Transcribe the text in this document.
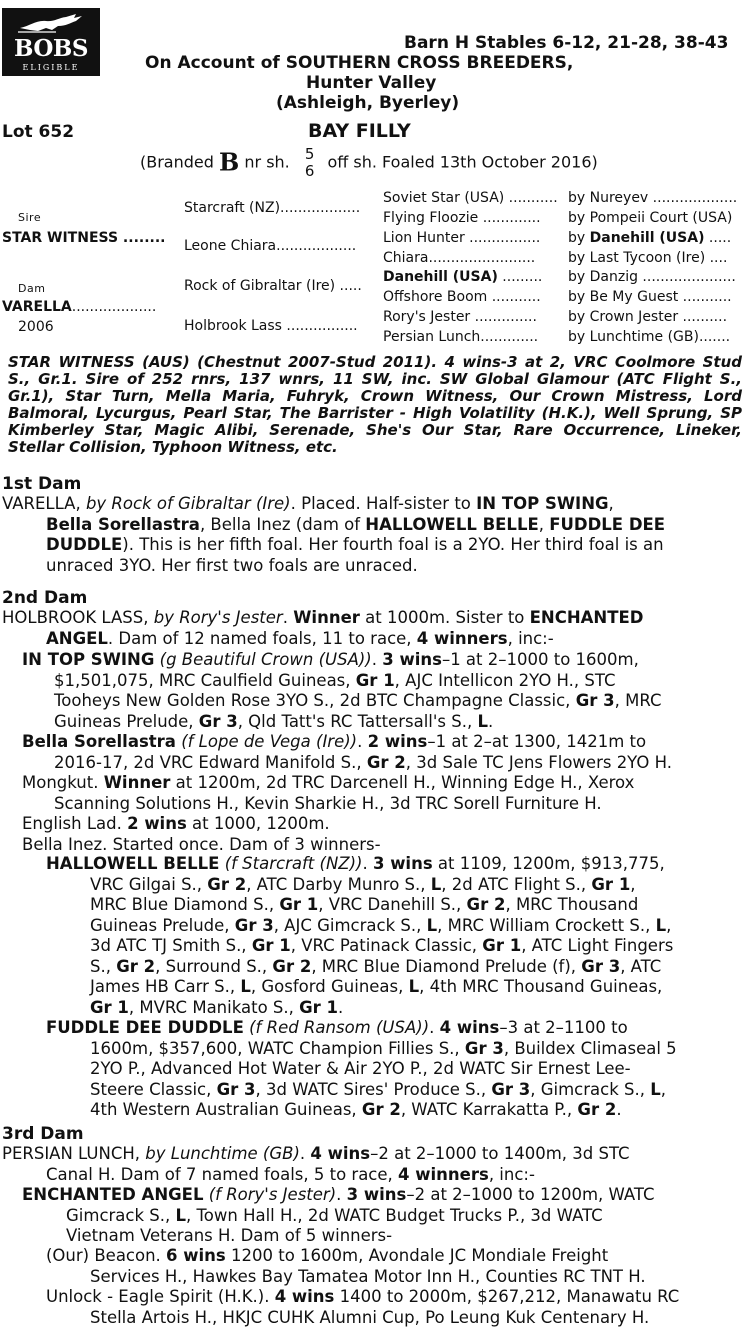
BOBS
ELIGIBLE
Barn H Stables 6-12, 21-28, 38-43
On Account of SOUTHERN CROSS BREEDERS,
Hunter Valley
(Ashleigh, Byerley)
Lot 652	BAY FILLY
(Branded B nr sh. 5
6 off sh. Foaled 13th October 2016)
Sire
STAR WITNESS ........
Dam
VARELLA...................
2006
Starcraft (NZ)..................
Leone Chiara..................
Rock of Gibraltar (Ire) .....
Holbrook Lass ................
Soviet Star (USA) ...........
Flying Floozie .............
Lion Hunter ................
Chiara........................
Danehill (USA) .........
Offshore Boom ...........
Rory's Jester ..............
Persian Lunch.............
by Nureyev ...................
by Pompeii Court (USA)
by Danehill (USA) .....
by Last Tycoon (Ire) ....
by Danzig .....................
by Be My Guest ...........
by Crown Jester ..........
by Lunchtime (GB).......
STAR WITNESS (AUS) (Chestnut 2007-Stud 2011). 4 wins-3 at 2, VRC Coolmore Stud S., Gr.1. Sire of 252 rnrs, 137 wnrs, 11 SW, inc. SW Global Glamour (ATC Flight S., Gr.1), Star Turn, Mella Maria, Fuhryk, Crown Witness, Our Crown Mistress, Lord Balmoral, Lycurgus, Pearl Star, The Barrister - High Volatility (H.K.), Well Sprung, SP Kimberley Star, Magic Alibi, Serenade, She's Our Star, Rare Occurrence, Lineker, Stellar Collision, Typhoon Witness, etc.
1st Dam
VARELLA, by Rock of Gibraltar (Ire). Placed. Half-sister to IN TOP SWING,
Bella Sorellastra, Bella Inez (dam of HALLOWELL BELLE, FUDDLE DEE
DUDDLE). This is her fifth foal. Her fourth foal is a 2YO. Her third foal is an
unraced 3YO. Her first two foals are unraced.
2nd Dam
HOLBROOK LASS, by Rory's Jester. Winner at 1000m. Sister to ENCHANTED
ANGEL. Dam of 12 named foals, 11 to race, 4 winners, inc:-
IN TOP SWING (g Beautiful Crown (USA)). 3 wins–1 at 2–1000 to 1600m,
$1,501,075, MRC Caulfield Guineas, Gr 1, AJC Intellicon 2YO H., STC
Tooheys New Golden Rose 3YO S., 2d BTC Champagne Classic, Gr 3, MRC
Guineas Prelude, Gr 3, Qld Tatt's RC Tattersall's S., L.
Bella Sorellastra (f Lope de Vega (Ire)). 2 wins–1 at 2–at 1300, 1421m to
2016-17, 2d VRC Edward Manifold S., Gr 2, 3d Sale TC Jens Flowers 2YO H.
Mongkut. Winner at 1200m, 2d TRC Darcenell H., Winning Edge H., Xerox
Scanning Solutions H., Kevin Sharkie H., 3d TRC Sorell Furniture H.
English Lad. 2 wins at 1000, 1200m.
Bella Inez. Started once. Dam of 3 winners-
HALLOWELL BELLE (f Starcraft (NZ)). 3 wins at 1109, 1200m, $913,775,
VRC Gilgai S., Gr 2, ATC Darby Munro S., L, 2d ATC Flight S., Gr 1,
MRC Blue Diamond S., Gr 1, VRC Danehill S., Gr 2, MRC Thousand
Guineas Prelude, Gr 3, AJC Gimcrack S., L, MRC William Crockett S., L,
3d ATC TJ Smith S., Gr 1, VRC Patinack Classic, Gr 1, ATC Light Fingers
S., Gr 2, Surround S., Gr 2, MRC Blue Diamond Prelude (f), Gr 3, ATC
James HB Carr S., L, Gosford Guineas, L, 4th MRC Thousand Guineas,
Gr 1, MVRC Manikato S., Gr 1.
FUDDLE DEE DUDDLE (f Red Ransom (USA)). 4 wins–3 at 2–1100 to
1600m, $357,600, WATC Champion Fillies S., Gr 3, Buildex Climaseal 5
2YO P., Advanced Hot Water & Air 2YO P., 2d WATC Sir Ernest Lee-
Steere Classic, Gr 3, 3d WATC Sires' Produce S., Gr 3, Gimcrack S., L,
4th Western Australian Guineas, Gr 2, WATC Karrakatta P., Gr 2.
3rd Dam
PERSIAN LUNCH, by Lunchtime (GB). 4 wins–2 at 2–1000 to 1400m, 3d STC
Canal H. Dam of 7 named foals, 5 to race, 4 winners, inc:-
ENCHANTED ANGEL (f Rory's Jester). 3 wins–2 at 2–1000 to 1200m, WATC
Gimcrack S., L, Town Hall H., 2d WATC Budget Trucks P., 3d WATC
Vietnam Veterans H. Dam of 5 winners-
(Our) Beacon. 6 wins 1200 to 1600m, Avondale JC Mondiale Freight
Services H., Hawkes Bay Tamatea Motor Inn H., Counties RC TNT H.
Unlock - Eagle Spirit (H.K.). 4 wins 1400 to 2000m, $267,212, Manawatu RC
Stella Artois H., HKJC CUHK Alumni Cup, Po Leung Kuk Centenary H.
